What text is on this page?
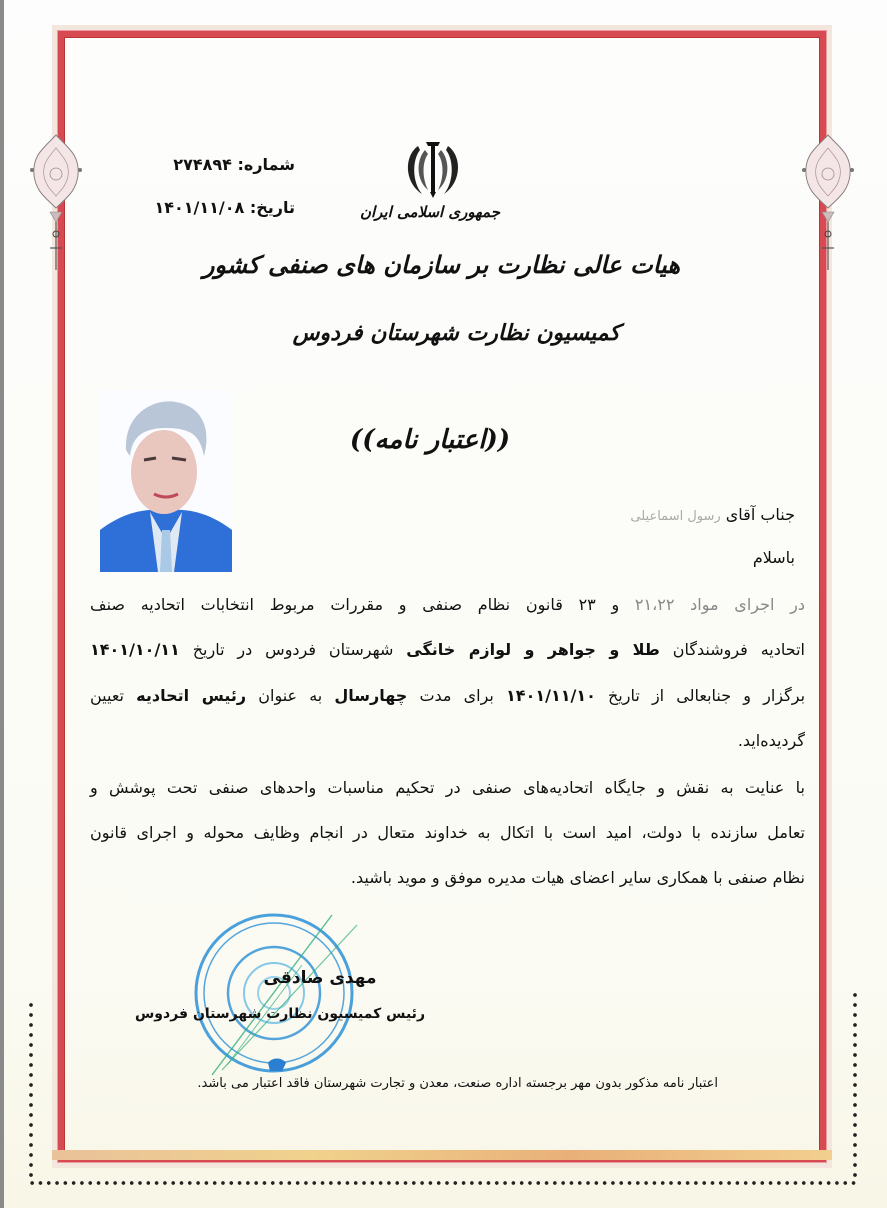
شماره: ۲۷۴۸۹۴
تاریخ: ۱۴۰۱/۱۱/۰۸	جمهوری اسلامی ایران
هیات عالی نظارت بر سازمان های صنفی کشور
کمیسیون نظارت شهرستان فردوس
((اعتبار نامه))
جناب آقای رسول اسماعیلی
باسلام
در اجرای مواد ۲۱،۲۲ و ۲۳ قانون نظام صنفی و مقررات مربوط انتخابات اتحادیه صنف
اتحادیه فروشندگان طلا و جواهر و لوازم خانگی شهرستان فردوس در تاریخ ۱۴۰۱/۱۰/۱۱
برگزار و جنابعالی از تاریخ ۱۴۰۱/۱۱/۱۰ برای مدت چهارسال به عنوان رئیس اتحادیه تعیین
گردیده‌اید.
با عنایت به نقش و جایگاه اتحادیه‌های صنفی در تحکیم مناسبات واحدهای صنفی تحت پوشش و
تعامل سازنده با دولت، امید است با اتکال به خداوند متعال در انجام وظایف محوله و اجرای قانون
نظام صنفی با همکاری سایر اعضای هیات مدیره موفق و موید باشید.
مهدی صادقی
رئیس کمیسیون نظارت شهرستان فردوس
اعتبار نامه مذکور بدون مهر برجسته اداره صنعت، معدن و تجارت شهرستان فاقد اعتبار می باشد.
